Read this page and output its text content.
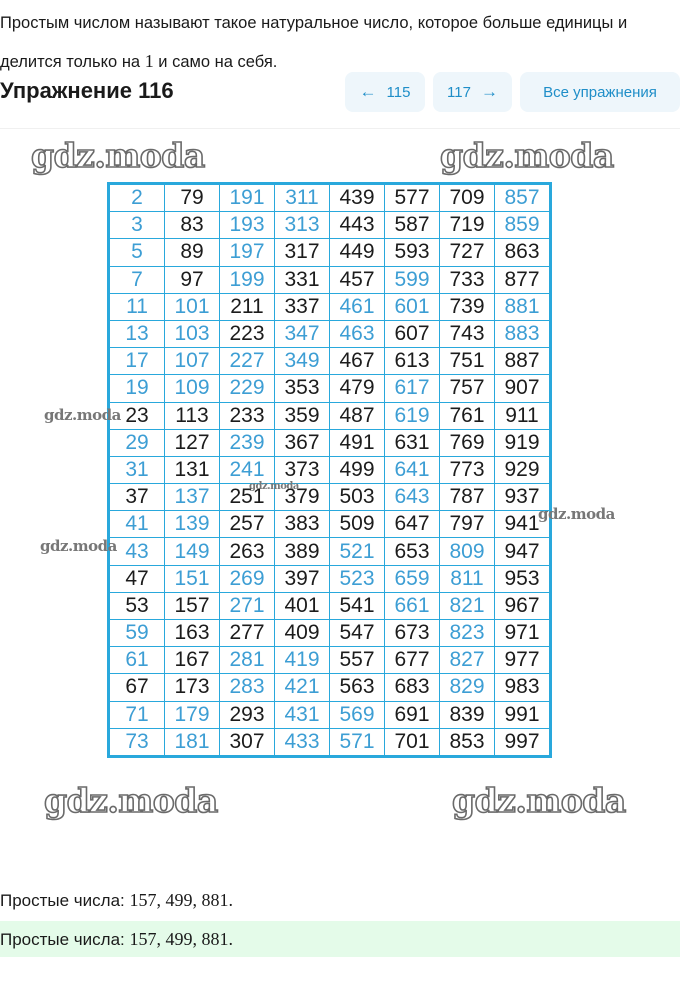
Простым числом называют такое натуральное число, которое больше единицы и делится только на 1 и само на себя.

Упражнение 116	← 115 117 →	Все упражнения
2	79	191	311	439	577	709	857
3	83	193	313	443	587	719	859
5	89	197	317	449	593	727	863
7	97	199	331	457	599	733	877
11	101	211	337	461	601	739	881
13	103	223	347	463	607	743	883
17	107	227	349	467	613	751	887
19	109	229	353	479	617	757	907
23	113	233	359	487	619	761	911
29	127	239	367	491	631	769	919
31	131	241	373	499	641	773	929
37	137	251	379	503	643	787	937
41	139	257	383	509	647	797	941
43	149	263	389	521	653	809	947
47	151	269	397	523	659	811	953
53	157	271	401	541	661	821	967
59	163	277	409	547	673	823	971
61	167	281	419	557	677	827	977
67	173	283	421	563	683	829	983
71	179	293	431	569	691	839	991
73	181	307	433	571	701	853	997
gdz.moda	gdz.moda
gdz.moda
gdz.moda
gdz.moda
gdz.moda
gdz.moda	gdz.moda
Простые числа: 157, 499, 881.
Простые числа: 157, 499, 881.
